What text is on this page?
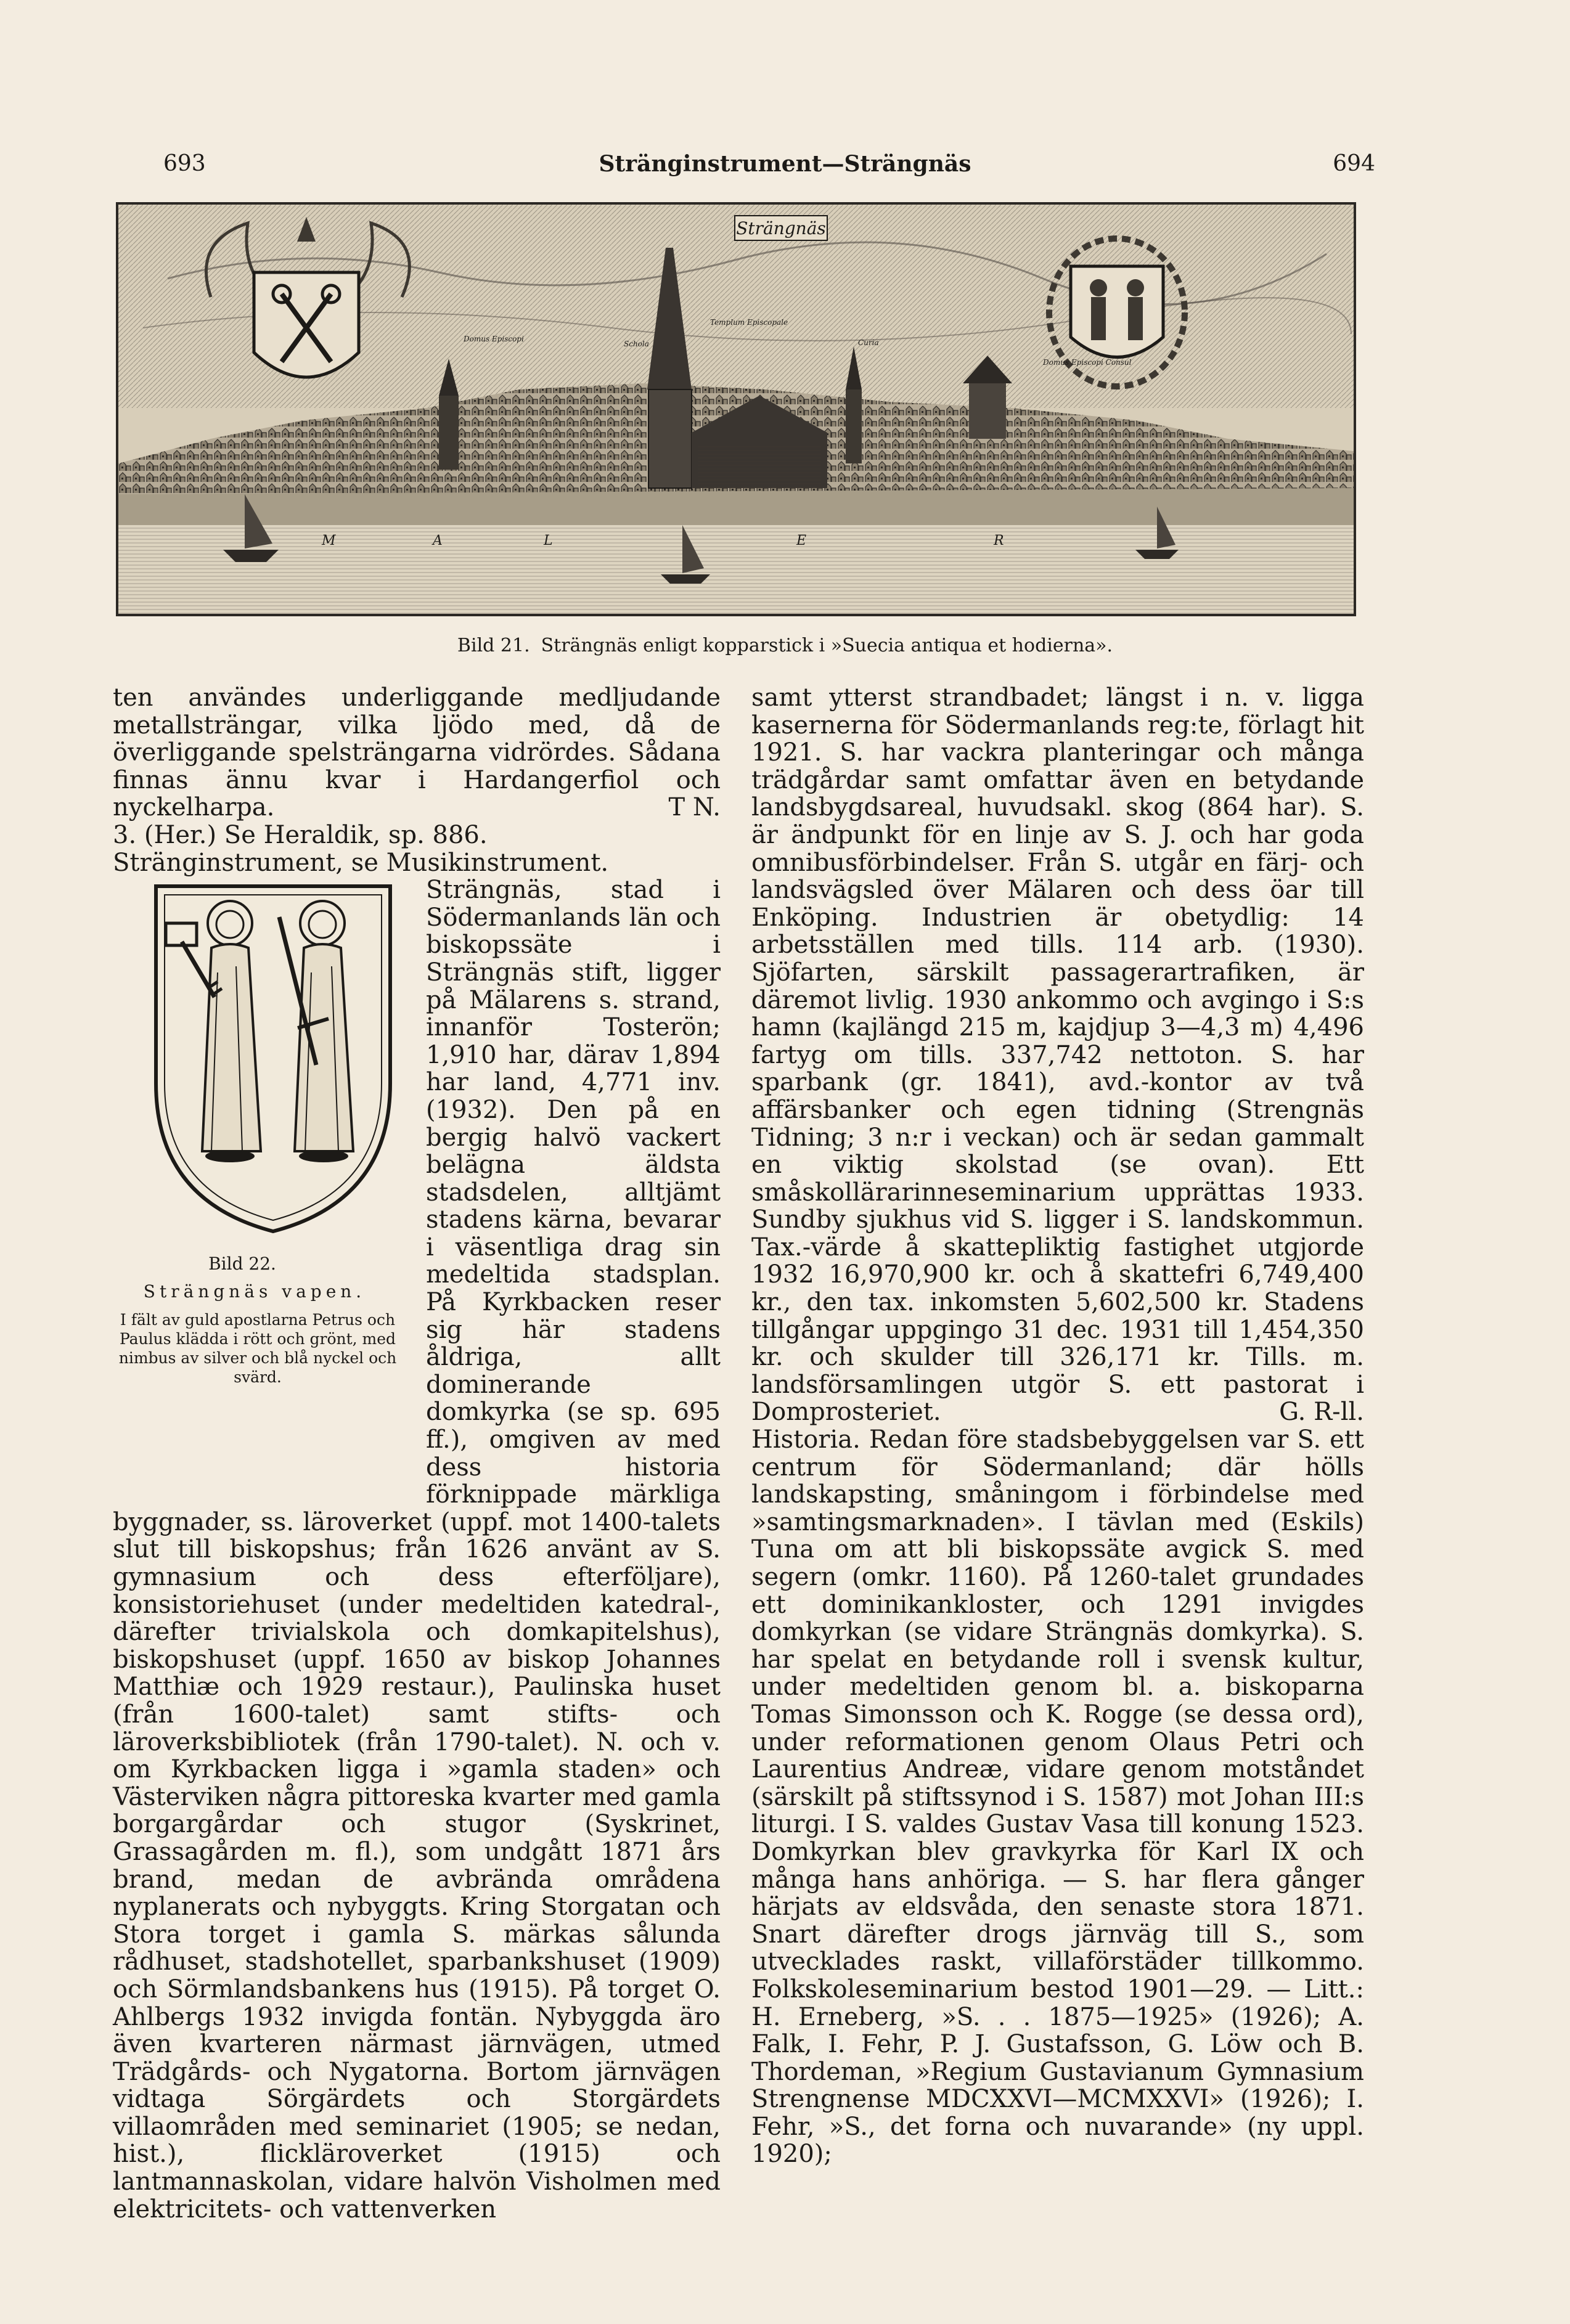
693	Stränginstrument—Strängnäs	694
Strängnäs
Templum Episcopale
Domus Episcopi
Schola	Curia
Domus Episcopi Consul
M	A	L	E	R
Bild 21. Strängnäs enligt kopparstick i »Suecia antiqua et hodierna».

ten användes underliggande medljudande metallsträngar, vilka ljödo med, då de överliggande spelsträngarna vidrördes. Sådana finnas ännu kvar i Hardangerfiol och nyckelharpa.	T N.

3. (Her.) Se Heraldik, sp. 886.

Stränginstrument, se Musikinstrument.

Bild 22.
Strängnäs vapen.
I fält av guld apostlarna Petrus och Paulus klädda i rött och grönt, med nimbus av silver och blå nyckel och svärd.

Strängnäs, stad i Södermanlands län och biskopssäte i Strängnäs stift, ligger på Mälarens s. strand, innanför Tosterön; 1,910 har, därav 1,894 har land, 4,771 inv. (1932). Den på en bergig halvö vackert belägna äldsta stadsdelen, alltjämt stadens kärna, bevarar i väsentliga drag sin medeltida stadsplan. På Kyrkbacken reser sig här stadens åldriga, allt dominerande domkyrka (se sp. 695 ff.), omgiven av med dess historia förknippade märkliga byggnader, ss. läroverket (uppf. mot 1400-talets slut till biskopshus; från 1626 använt av S. gymnasium och dess efterföljare), konsistoriehuset (under medeltiden katedral-, därefter trivialskola och domkapitelshus), biskopshuset (uppf. 1650 av biskop Johannes Matthiæ och 1929 restaur.), Paulinska huset (från 1600-talet) samt stifts- och läroverksbibliotek (från 1790-talet). N. och v. om Kyrkbacken ligga i »gamla staden» och Västerviken några pittoreska kvarter med gamla borgargårdar och stugor (Syskrinet, Grassagården m. fl.), som undgått 1871 års brand, medan de avbrända områdena nyplanerats och nybyggts. Kring Storgatan och Stora torget i gamla S. märkas sålunda rådhuset, stadshotellet, sparbankshuset (1909) och Sörmlandsbankens hus (1915). På torget O. Ahlbergs 1932 invigda fontän. Nybyggda äro även kvarteren närmast järnvägen, utmed Trädgårds- och Nygatorna. Bortom järnvägen vidtaga Sörgärdets och Storgärdets villaområden med seminariet (1905; se nedan, hist.), flickläroverket (1915) och lantmannaskolan, vidare halvön Visholmen med elektricitets- och vattenverken

samt ytterst strandbadet; längst i n. v. ligga kasernerna för Södermanlands reg:te, förlagt hit 1921. S. har vackra planteringar och många trädgårdar samt omfattar även en betydande landsbygdsareal, huvudsakl. skog (864 har). S. är ändpunkt för en linje av S. J. och har goda omnibusförbindelser. Från S. utgår en färj- och landsvägsled över Mälaren och dess öar till Enköping. Industrien är obetydlig: 14 arbetsställen med tills. 114 arb. (1930). Sjöfarten, särskilt passagerartrafiken, är däremot livlig. 1930 ankommo och avgingo i S:s hamn (kajlängd 215 m, kajdjup 3—4,3 m) 4,496 fartyg om tills. 337,742 nettoton. S. har sparbank (gr. 1841), avd.-kontor av två affärsbanker och egen tidning (Strengnäs Tidning; 3 n:r i veckan) och är sedan gammalt en viktig skolstad (se ovan). Ett småskollärarinneseminarium upprättas 1933. Sundby sjukhus vid S. ligger i S. landskommun. Tax.-värde å skattepliktig fastighet utgjorde 1932 16,970,900 kr. och å skattefri 6,749,400 kr., den tax. inkomsten 5,602,500 kr. Stadens tillgångar uppgingo 31 dec. 1931 till 1,454,350 kr. och skulder till 326,171 kr. Tills. m. landsförsamlingen utgör S. ett pastorat i Domprosteriet.	G. R-ll.

Historia. Redan före stadsbebyggelsen var S. ett centrum för Södermanland; där hölls landskapsting, småningom i förbindelse med »samtingsmarknaden». I tävlan med (Eskils) Tuna om att bli biskopssäte avgick S. med segern (omkr. 1160). På 1260-talet grundades ett dominikankloster, och 1291 invigdes domkyrkan (se vidare Strängnäs domkyrka). S. har spelat en betydande roll i svensk kultur, under medeltiden genom bl. a. biskoparna Tomas Simonsson och K. Rogge (se dessa ord), under reformationen genom Olaus Petri och Laurentius Andreæ, vidare genom motståndet (särskilt på stiftssynod i S. 1587) mot Johan III:s liturgi. I S. valdes Gustav Vasa till konung 1523. Domkyrkan blev gravkyrka för Karl IX och många hans anhöriga. — S. har flera gånger härjats av eldsvåda, den senaste stora 1871. Snart därefter drogs järnväg till S., som utvecklades raskt, villaförstäder tillkommo. Folkskoleseminarium bestod 1901—29. — Litt.: H. Erneberg, »S. . . 1875—1925» (1926); A. Falk, I. Fehr, P. J. Gustafsson, G. Löw och B. Thordeman, »Regium Gustavianum Gymnasium Strengnense MDCXXVI—MCMXXVI» (1926); I. Fehr, »S., det forna och nuvarande» (ny uppl. 1920);
